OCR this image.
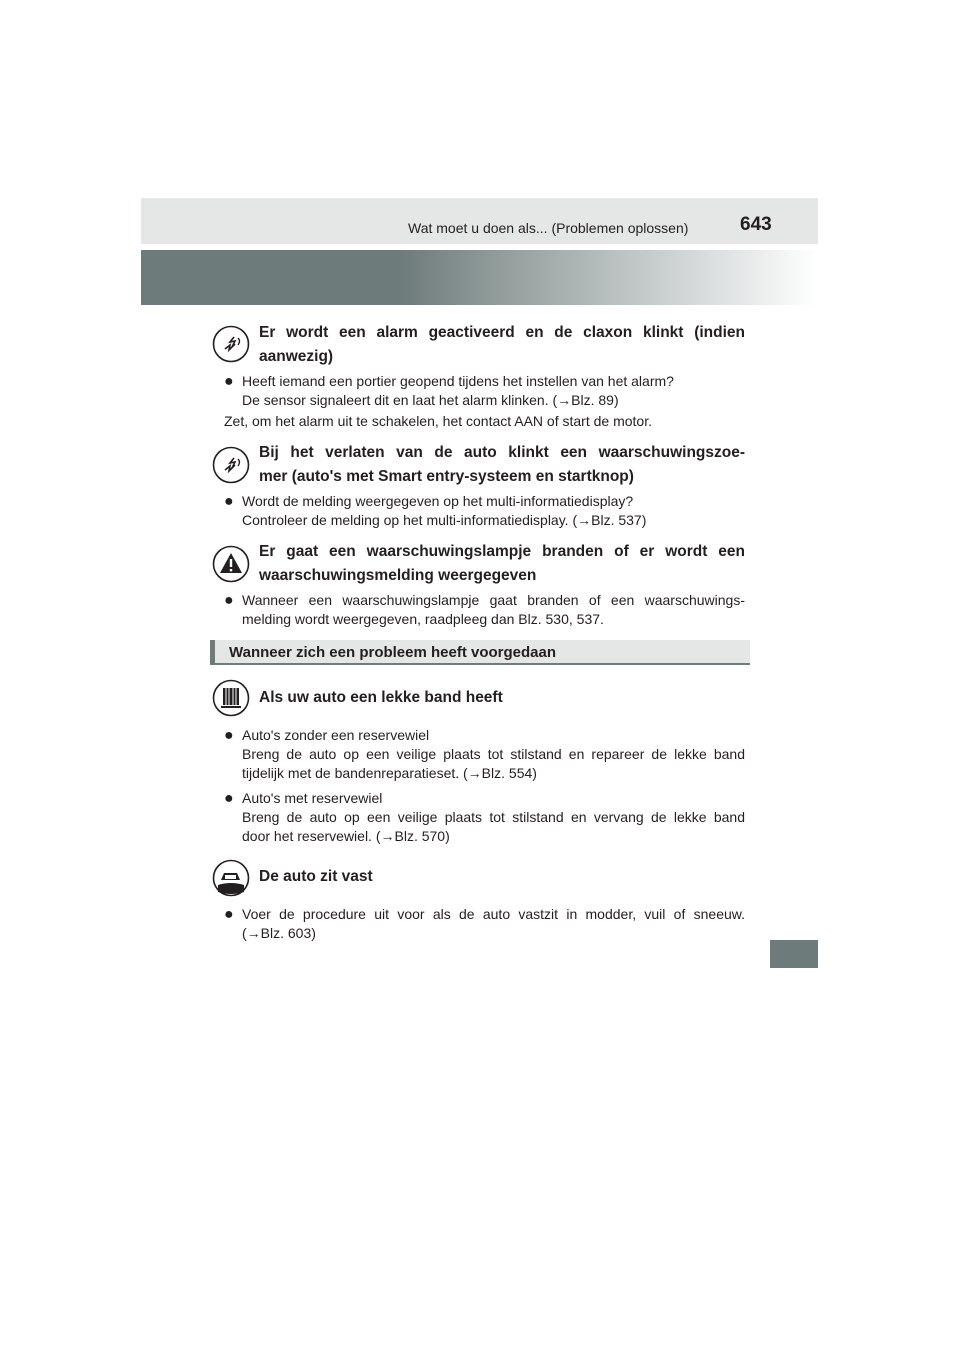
Wat moet u doen als... (Problemen oplossen)	643
Er wordt een alarm geactiveerd en de claxon klinkt (indien
aanwezig)
● Heeft iemand een portier geopend tijdens het instellen van het alarm?
De sensor signaleert dit en laat het alarm klinken. (→Blz. 89)
Zet, om het alarm uit te schakelen, het contact AAN of start de motor.
Bij het verlaten van de auto klinkt een waarschuwingszoe-
mer (auto's met Smart entry-systeem en startknop)
● Wordt de melding weergegeven op het multi-informatiedisplay?
Controleer de melding op het multi-informatiedisplay. (→Blz. 537)
Er gaat een waarschuwingslampje branden of er wordt een
waarschuwingsmelding weergegeven
● Wanneer een waarschuwingslampje gaat branden of een waarschuwings-
melding wordt weergegeven, raadpleeg dan Blz. 530, 537.
Wanneer zich een probleem heeft voorgedaan
Als uw auto een lekke band heeft
● Auto's zonder een reservewiel
Breng de auto op een veilige plaats tot stilstand en repareer de lekke band
tijdelijk met de bandenreparatieset. (→Blz. 554)
● Auto's met reservewiel
Breng de auto op een veilige plaats tot stilstand en vervang de lekke band
door het reservewiel. (→Blz. 570)
De auto zit vast
● Voer de procedure uit voor als de auto vastzit in modder, vuil of sneeuw.
(→Blz. 603)
